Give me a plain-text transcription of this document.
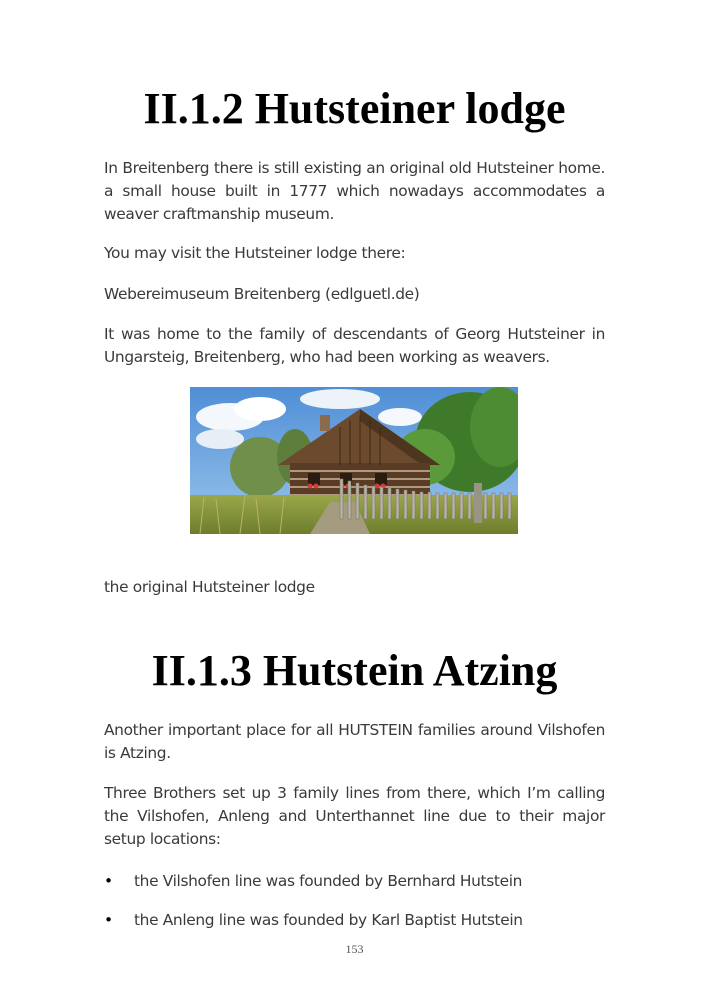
II.1.2 Hutsteiner lodge

In Breitenberg there is still existing an original old Hutsteiner home. a small house built in 1777 which nowadays accommodates a weaver craftmanship museum.

You may visit the Hutsteiner lodge there:

Webereimuseum Breitenberg (edlguetl.de)

It was home to the family of descendants of Georg Hutsteiner in Ungarsteig, Breitenberg, who had been working as weavers.

the original Hutsteiner lodge

II.1.3 Hutstein Atzing

Another important place for all HUTSTEIN families around Vilshofen is Atzing.

Three Brothers set up 3 family lines from there, which I’m calling the Vilshofen, Anleng and Unterthannet line due to their major setup locations:

• the Vilshofen line was founded by Bernhard Hutstein
• the Anleng line was founded by Karl Baptist Hutstein
153
